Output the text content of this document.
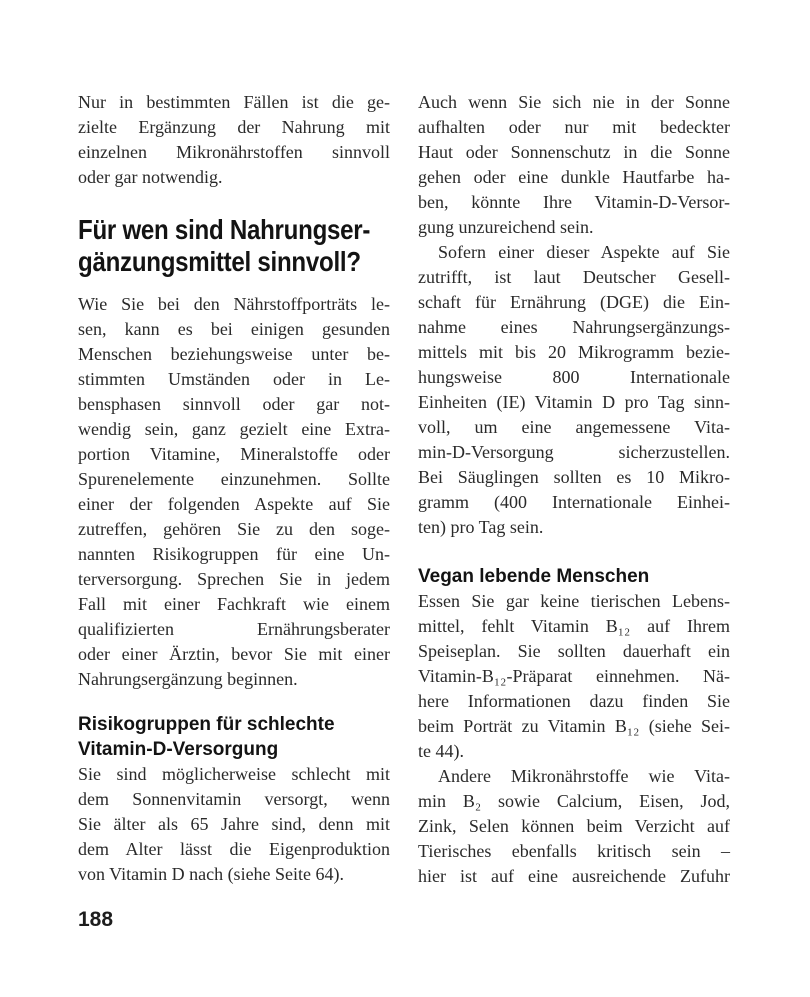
Nur in bestimmten Fällen ist die ge-
zielte Ergänzung der Nahrung mit
einzelnen Mikronährstoffen sinnvoll
oder gar notwendig.
Für wen sind Nahrungser-
gänzungsmittel sinnvoll?
Wie Sie bei den Nährstoffporträts le-
sen, kann es bei einigen gesunden
Menschen beziehungsweise unter be-
stimmten Umständen oder in Le-
bensphasen sinnvoll oder gar not-
wendig sein, ganz gezielt eine Extra-
portion Vitamine, Mineralstoffe oder
Spurenelemente einzunehmen. Sollte
einer der folgenden Aspekte auf Sie
zutreffen, gehören Sie zu den soge-
nannten Risikogruppen für eine Un-
terversorgung. Sprechen Sie in jedem
Fall mit einer Fachkraft wie einem
qualifizierten Ernährungsberater
oder einer Ärztin, bevor Sie mit einer
Nahrungsergänzung beginnen.
Risikogruppen für schlechte
Vitamin-D-Versorgung
Sie sind möglicherweise schlecht mit
dem Sonnenvitamin versorgt, wenn
Sie älter als 65 Jahre sind, denn mit
dem Alter lässt die Eigenproduktion
von Vitamin D nach (siehe Seite 64).
Auch wenn Sie sich nie in der Sonne
aufhalten oder nur mit bedeckter
Haut oder Sonnenschutz in die Sonne
gehen oder eine dunkle Hautfarbe ha-
ben, könnte Ihre Vitamin-D-Versor-
gung unzureichend sein.
Sofern einer dieser Aspekte auf Sie
zutrifft, ist laut Deutscher Gesell-
schaft für Ernährung (DGE) die Ein-
nahme eines Nahrungsergänzungs-
mittels mit bis 20 Mikrogramm bezie-
hungsweise 800 Internationale
Einheiten (IE) Vitamin D pro Tag sinn-
voll, um eine angemessene Vita-
min-D-Versorgung sicherzustellen.
Bei Säuglingen sollten es 10 Mikro-
gramm (400 Internationale Einhei-
ten) pro Tag sein.
Vegan lebende Menschen
Essen Sie gar keine tierischen Lebens-
mittel, fehlt Vitamin B₁₂ auf Ihrem
Speiseplan. Sie sollten dauerhaft ein
Vitamin-B₁₂-Präparat einnehmen. Nä-
here Informationen dazu finden Sie
beim Porträt zu Vitamin B₁₂ (siehe Sei-
te 44).
Andere Mikronährstoffe wie Vita-
min B₂ sowie Calcium, Eisen, Jod,
Zink, Selen können beim Verzicht auf
Tierisches ebenfalls kritisch sein –
hier ist auf eine ausreichende Zufuhr
188
